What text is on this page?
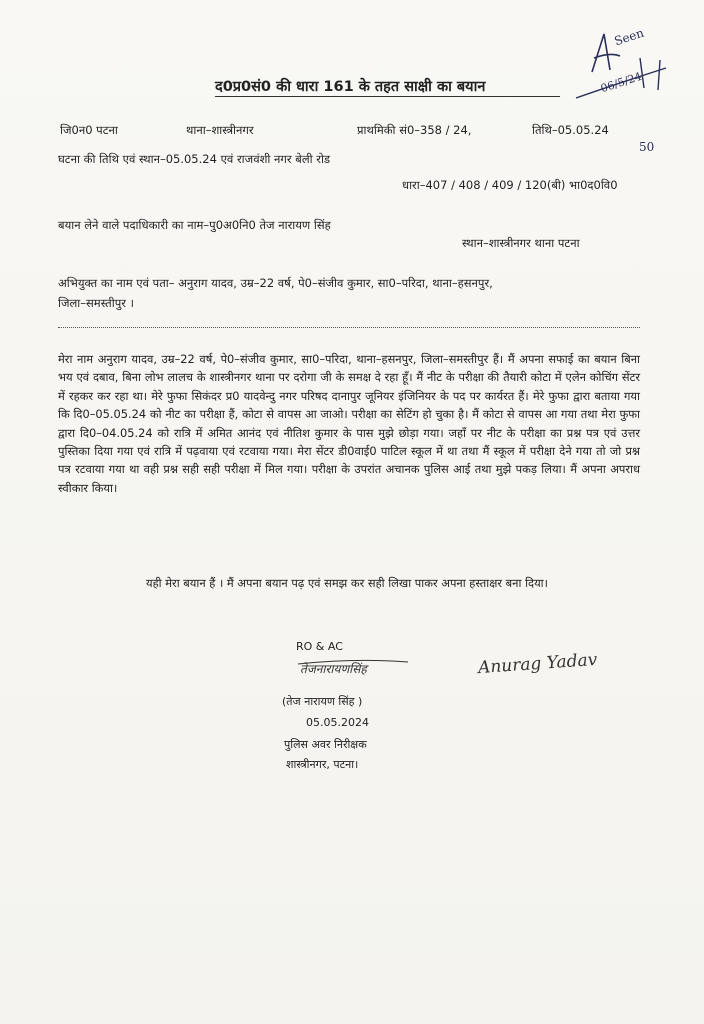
द0प्र0सं0 की धारा 161 के तहत साक्षी का बयान
Seen
06/5/24
50
जि0न0 पटना	थाना–शास्त्रीनगर	प्राथमिकी सं0–358 / 24,	तिथि–05.05.24
घटना की तिथि एवं स्थान–05.05.24 एवं राजवंशी नगर बेली रोड
धारा–407 / 408 / 409 / 120(बी) भा0द0वि0
बयान लेने वाले पदाधिकारी का नाम–पु0अ0नि0 तेज नारायण सिंह
स्थान–शास्त्रीनगर थाना पटना
अभियुक्त का नाम एवं पता– अनुराग यादव, उम्र–22 वर्ष, पे0–संजीव कुमार, सा0–परिदा, थाना–हसनपुर,
जिला–समस्तीपुर ।

मेरा नाम अनुराग यादव, उम्र–22 वर्ष, पे0–संजीव कुमार, सा0–परिदा, थाना–हसनपुर, जिला–समस्तीपुर हैं। मैं अपना सफाई का बयान बिना भय एवं दबाव, बिना लोभ लालच के शास्त्रीनगर थाना पर दरोगा जी के समक्ष दे रहा हूँ। मैं नीट के परीक्षा की तैयारी कोटा में एलेन कोचिंग सेंटर में रहकर कर रहा था। मेरे फुफा सिकंदर प्र0 यादवेन्दु नगर परिषद दानापुर जूनियर इंजिनियर के पद पर कार्यरत हैं। मेरे फुफा द्वारा बताया गया कि दि0–05.05.24 को नीट का परीक्षा हैं, कोटा से वापस आ जाओ। परीक्षा का सेटिंग हो चुका है। मैं कोटा से वापस आ गया तथा मेरा फुफा द्वारा दि0–04.05.24 को रात्रि में अमित आनंद एवं नीतिश कुमार के पास मुझे छोड़ा गया। जहाँ पर नीट के परीक्षा का प्रश्न पत्र एवं उत्तर पुस्तिका दिया गया एवं रात्रि में पढ़वाया एवं रटवाया गया। मेरा सेंटर डी0वाई0 पाटिल स्कूल में था तथा मैं स्कूल में परीक्षा देने गया तो जो प्रश्न पत्र रटवाया गया था वही प्रश्न सही सही परीक्षा में मिल गया। परीक्षा के उपरांत अचानक पुलिस आई तथा मुझे पकड़ लिया। मैं अपना अपराध स्वीकार किया।

यही मेरा बयान हैं । मैं अपना बयान पढ़ एवं समझ कर सही लिखा पाकर अपना हस्ताक्षर बना दिया।

RO & AC
तेजनारायणसिंह	Anurag Yadav
(तेज नारायण सिंह )
05.05.2024
पुलिस अवर निरीक्षक
शास्त्रीनगर, पटना।
